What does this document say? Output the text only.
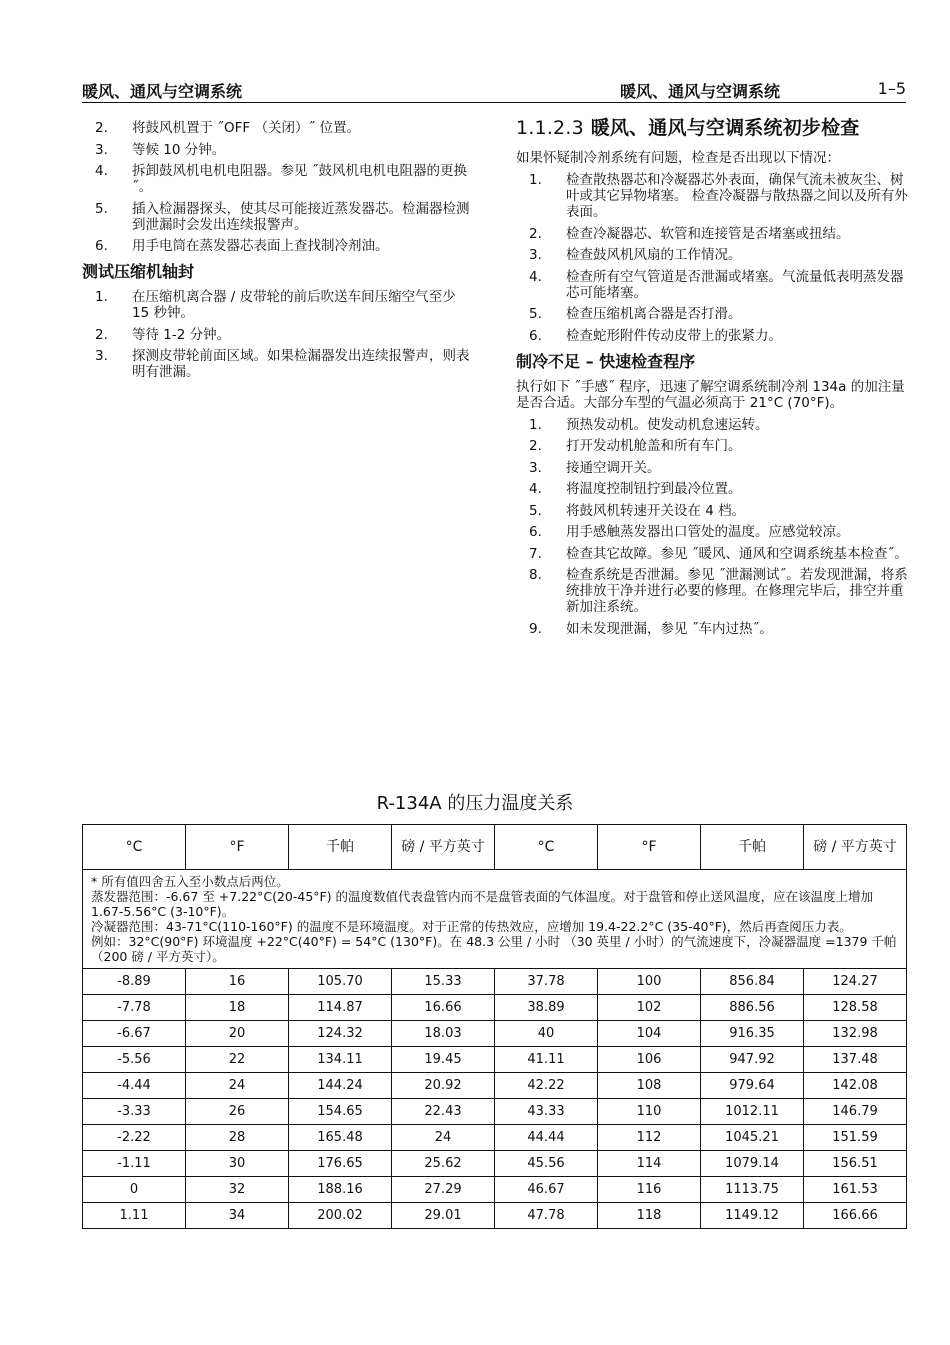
暖风、通风与空调系统	暖风、通风与空调系统	1–5
2. 将鼓风机置于 ˝OFF （关闭）˝ 位置。
3. 等候 10 分钟。
4. 拆卸鼓风机电机电阻器。参见 ˝鼓风机电机电阻器的更换˝。
5. 插入检漏器探头，使其尽可能接近蒸发器芯。检漏器检测到泄漏时会发出连续报警声。
6. 用手电筒在蒸发器芯表面上查找制冷剂油。
测试压缩机轴封
1. 在压缩机离合器 / 皮带轮的前后吹送车间压缩空气至少 15 秒钟。
2. 等待 1-2 分钟。
3. 探测皮带轮前面区域。如果检漏器发出连续报警声，则表明有泄漏。
1.1.2.3 暖风、通风与空调系统初步检查
如果怀疑制冷剂系统有问题，检查是否出现以下情况：
1. 检查散热器芯和冷凝器芯外表面，确保气流未被灰尘、树叶或其它异物堵塞。 检查冷凝器与散热器之间以及所有外表面。
2. 检查冷凝器芯、软管和连接管是否堵塞或扭结。
3. 检查鼓风机风扇的工作情况。
4. 检查所有空气管道是否泄漏或堵塞。气流量低表明蒸发器芯可能堵塞。
5. 检查压缩机离合器是否打滑。
6. 检查蛇形附件传动皮带上的张紧力。
制冷不足 – 快速检查程序
执行如下 ˝手感˝ 程序，迅速了解空调系统制冷剂 134a 的加注量是否合适。大部分车型的气温必须高于 21°C (70°F)。
1. 预热发动机。使发动机怠速运转。
2. 打开发动机舱盖和所有车门。
3. 接通空调开关。
4. 将温度控制钮拧到最冷位置。
5. 将鼓风机转速开关设在 4 档。
6. 用手感触蒸发器出口管处的温度。应感觉较凉。
7. 检查其它故障。参见 ˝暖风、通风和空调系统基本检查˝。
8. 检查系统是否泄漏。参见 ˝泄漏测试˝。若发现泄漏，将系统排放干净并进行必要的修理。在修理完毕后，排空并重新加注系统。
9. 如未发现泄漏，参见 ˝车内过热˝。
R-134A 的压力温度关系
°C	°F	千帕	磅 / 平方英寸	°C	°F	千帕	磅 / 平方英寸

* 所有值四舍五入至小数点后两位。
蒸发器范围：-6.67 至 +7.22°C(20-45°F) 的温度数值代表盘管内而不是盘管表面的气体温度。对于盘管和停止送风温度，应在该温度上增加 1.67-5.56°C (3-10°F)。
冷凝器范围：43-71°C(110-160°F) 的温度不是环境温度。对于正常的传热效应，应增加 19.4-22.2°C (35-40°F)，然后再查阅压力表。
例如：32°C(90°F) 环境温度 +22°C(40°F) = 54°C (130°F)。在 48.3 公里 / 小时 （30 英里 / 小时）的气流速度下，冷凝器温度 =1379 千帕 （200 磅 / 平方英寸）。							

-8.89	16	105.70	15.33	37.78	100	856.84	124.27
-7.78	18	114.87	16.66	38.89	102	886.56	128.58
-6.67	20	124.32	18.03	40	104	916.35	132.98
-5.56	22	134.11	19.45	41.11	106	947.92	137.48
-4.44	24	144.24	20.92	42.22	108	979.64	142.08
-3.33	26	154.65	22.43	43.33	110	1012.11	146.79
-2.22	28	165.48	24	44.44	112	1045.21	151.59
-1.11	30	176.65	25.62	45.56	114	1079.14	156.51
0	32	188.16	27.29	46.67	116	1113.75	161.53
1.11	34	200.02	29.01	47.78	118	1149.12	166.66
